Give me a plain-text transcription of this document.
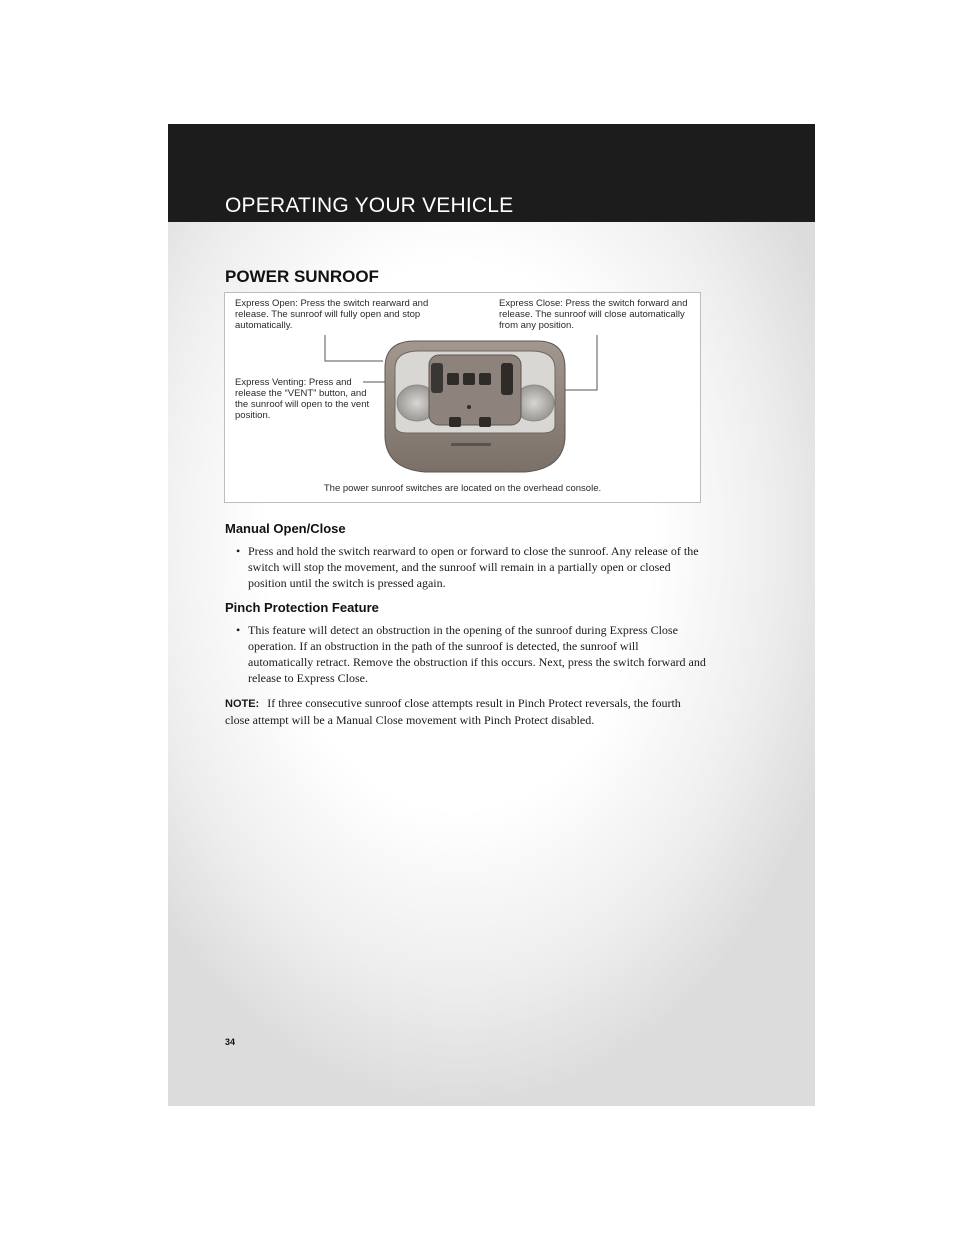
OPERATING YOUR VEHICLE
POWER SUNROOF

Express Open: Press the switch rearward and release. The sunroof will fully open and stop automatically.

Express Close: Press the switch forward and release. The sunroof will close automatically from any position.

Express Venting: Press and release the “VENT” button, and the sunroof will open to the vent position.

The power sunroof switches are located on the overhead console.

Manual Open/Close

• Press and hold the switch rearward to open or forward to close the sunroof. Any release of the switch will stop the movement, and the sunroof will remain in a partially open or closed position until the switch is pressed again.

Pinch Protection Feature

• This feature will detect an obstruction in the opening of the sunroof during Express Close operation. If an obstruction in the path of the sunroof is detected, the sunroof will automatically retract. Remove the obstruction if this occurs. Next, press the switch forward and release to Express Close.

NOTE: If three consecutive sunroof close attempts result in Pinch Protect reversals, the fourth close attempt will be a Manual Close movement with Pinch Protect disabled.

34
